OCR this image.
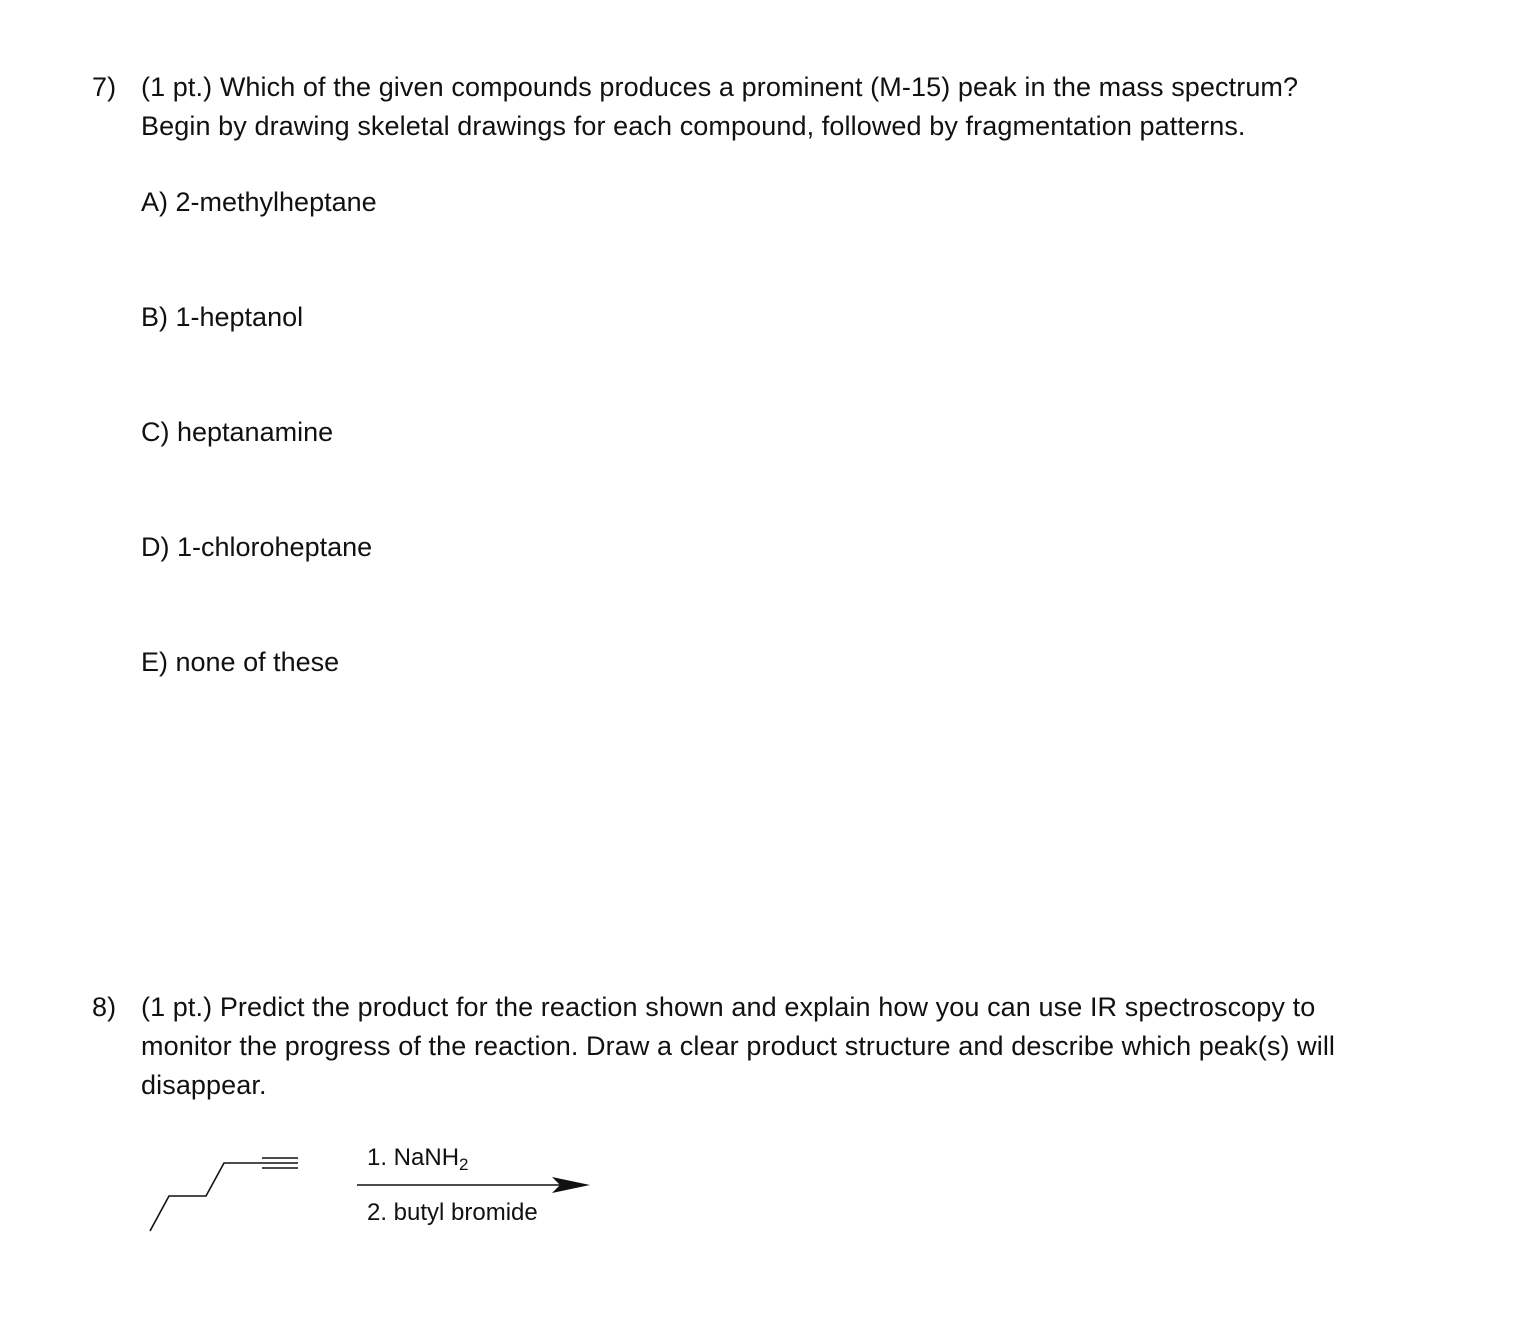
7) (1 pt.) Which of the given compounds produces a prominent (M-15) peak in the mass spectrum?
Begin by drawing skeletal drawings for each compound, followed by fragmentation patterns.
A) 2-methylheptane
B) 1-heptanol
C) heptanamine
D) 1-chloroheptane
E) none of these
8) (1 pt.) Predict the product for the reaction shown and explain how you can use IR spectroscopy to
monitor the progress of the reaction. Draw a clear product structure and describe which peak(s) will
disappear.
1. NaNH$_2$
2. butyl bromide
